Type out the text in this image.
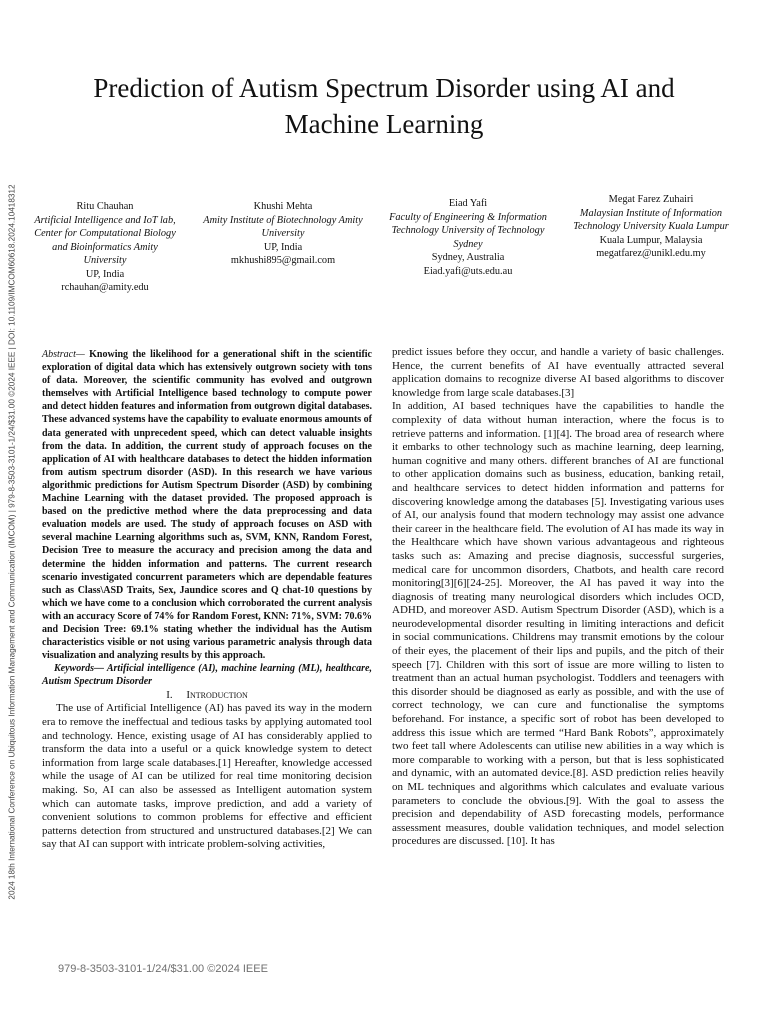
2024 18th International Conference on Ubiquitous Information Management and Communication (IMCOM) | 979-8-3503-3101-1/24/$31.00 ©2024 IEEE | DOI: 10.1109/IMCOM60618.2024.10418312
Prediction of Autism Spectrum Disorder using AI and Machine Learning
Ritu Chauhan
Artificial Intelligence and IoT lab, Center for Computational Biology and Bioinformatics Amity University
UP, India
rchauhan@amity.edu
Khushi Mehta
Amity Institute of Biotechnology Amity University
UP, India
mkhushi895@gmail.com
Eiad Yafi
Faculty of Engineering & Information Technology University of Technology Sydney
Sydney, Australia
Eiad.yafi@uts.edu.au
Megat Farez Zuhairi
Malaysian Institute of Information Technology University Kuala Lumpur
Kuala Lumpur, Malaysia
megatfarez@unikl.edu.my

Abstract— Knowing the likelihood for a generational shift in the scientific exploration of digital data which has extensively outgrown society with tons of data. Moreover, the scientific community has evolved and outgrown themselves with Artificial Intelligence based technology to compute power and detect hidden features and information from outgrown digital databases. These advanced systems have the capability to evaluate enormous amounts of data generated with unprecedent speed, which can detect valuable insights from the data. In addition, the current study of approach focuses on the application of AI with healthcare databases to detect the hidden information from autism spectrum disorder (ASD). In this research we have various algorithmic predictions for Autism Spectrum Disorder (ASD) by combining Machine Learning with the dataset provided. The proposed approach is based on the predictive method where the data preprocessing and data evaluation models are used. The study of approach focuses on ASD with several machine Learning algorithms such as, SVM, KNN, Random Forest, Decision Tree to measure the accuracy and precision among the data and determine the hidden information and patterns. The current research scenario investigated concurrent parameters which are dependable features such as Class\ASD Traits, Sex, Jaundice scores and Q chat-10 questions by which we have come to a conclusion which corroborated the current analysis with an accuracy Score of 74% for Random Forest, KNN: 71%, SVM: 70.6% and Decision Tree: 69.1% stating whether the individual has the Autism characteristics visible or not using various parametric analysis through data visualization and analyzing results by this approach.

Keywords— Artificial intelligence (AI), machine learning (ML), healthcare, Autism Spectrum Disorder

I. Introduction

The use of Artificial Intelligence (AI) has paved its way in the modern era to remove the ineffectual and tedious tasks by applying automated tool and technology. Hence, existing usage of AI has considerably applied to transform the data into a useful or a quick knowledge system to detect information from large scale databases.[1] Hereafter, knowledge accessed while the usage of AI can be utilized for real time monitoring decision making. So, AI can also be assessed as Intelligent automation system which can automate tasks, improve prediction, and add a variety of convenient solutions to common problems for effective and efficient patterns detection from structured and unstructured databases.[2] We can say that AI can support with intricate problem-solving activities,

predict issues before they occur, and handle a variety of basic challenges. Hence, the current benefits of AI have eventually attracted several application domains to recognize diverse AI based algorithms to discover knowledge from large scale databases.[3]

In addition, AI based techniques have the capabilities to handle the complexity of data without human interaction, where the focus is to retrieve patterns and information. [1][4]. The broad area of research where it embarks to other technology such as machine learning, deep learning, human cognitive and many others. different branches of AI are functional to other application domains such as business, education, banking retail, and healthcare services to detect hidden information and patterns for discovering knowledge among the databases [5]. Investigating various uses of AI, our analysis found that modern technology may assist one advance their career in the healthcare field. The evolution of AI has made its way in the Healthcare which have shown various advantageous and righteous tasks such as: Amazing and precise diagnosis, successful surgeries, medical care for uncommon disorders, Chatbots, and health care record monitoring[3][6][24-25]. Moreover, the AI has paved it way into the diagnosis of treating many neurological disorders which includes OCD, ADHD, and moreover ASD. Autism Spectrum Disorder (ASD), which is a neurodevelopmental disorder resulting in limiting interactions and deficit in social communications. Childrens may transmit emotions by the colour of their eyes, the placement of their lips and pupils, and the pitch of their speech [7]. Children with this sort of issue are more willing to listen to treatment than an actual human psychologist. Toddlers and teenagers with this disorder should be diagnosed as early as possible, and with the use of correct technology, we can cure and functionalise the symptoms beforehand. For instance, a specific sort of robot has been developed to address this issue which are termed “Hard Bank Robots”, approximately two feet tall where Adolescents can utilise new abilities in a way which is more comparable to working with a person, but that is less sophisticated and dynamic, with an automated device.[8]. ASD prediction relies heavily on ML techniques and algorithms which calculates and evaluate various parameters to conclude the obvious.[9]. With the goal to assess the precision and dependability of ASD forecasting models, performance assessment measures, double validation techniques, and model selection procedures are discussed. [10]. It has

979-8-3503-3101-1/24/$31.00 ©2024 IEEE
